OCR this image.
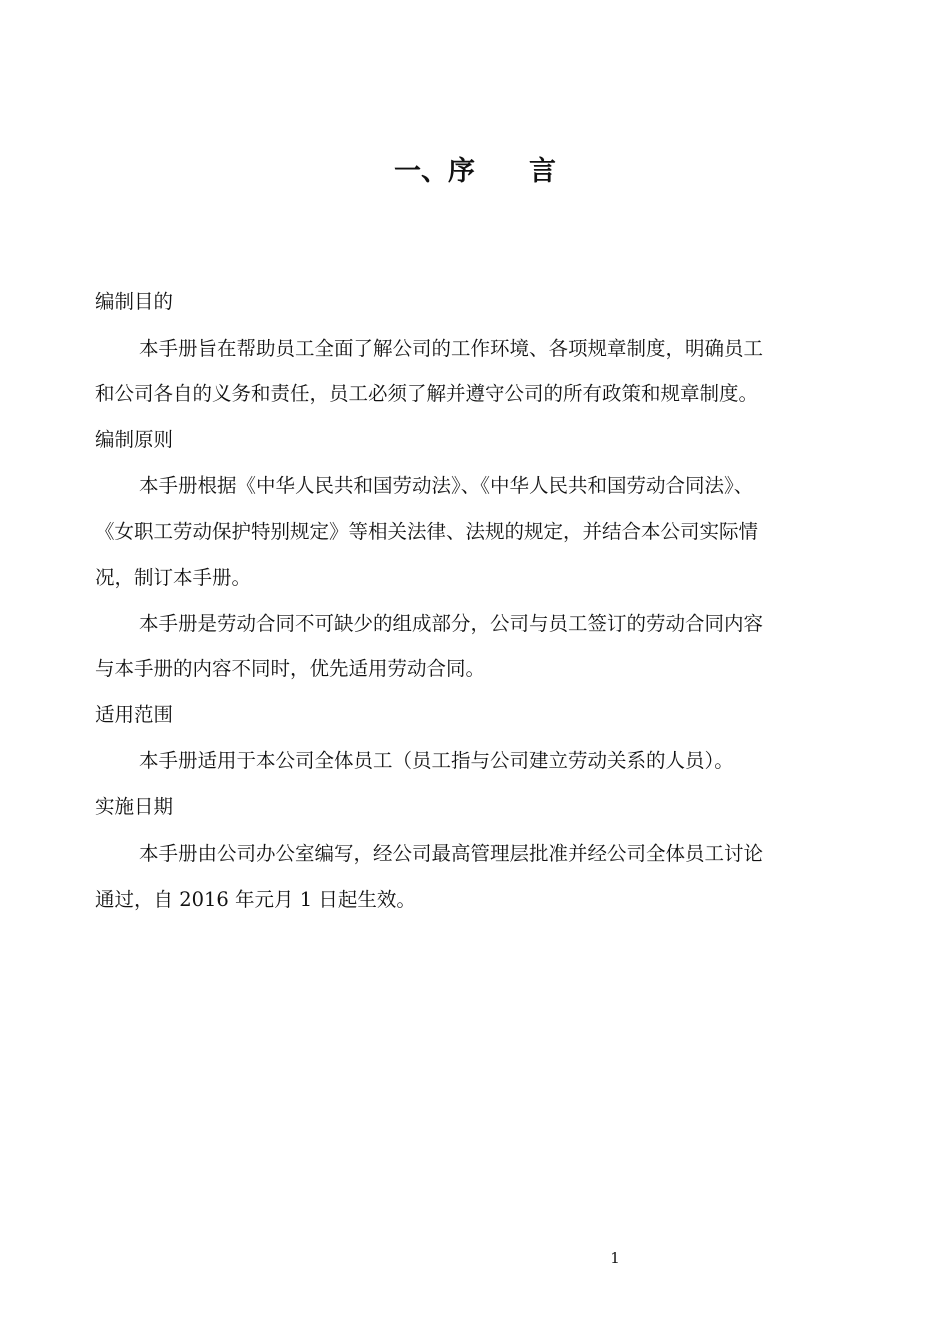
一、序　　言
编制目的
本手册旨在帮助员工全面了解公司的工作环境、各项规章制度，明确员工
和公司各自的义务和责任，员工必须了解并遵守公司的所有政策和规章制度。
编制原则
本手册根据《中华人民共和国劳动法》、《中华人民共和国劳动合同法》、
《女职工劳动保护特别规定》等相关法律、法规的规定，并结合本公司实际情
况，制订本手册。
本手册是劳动合同不可缺少的组成部分，公司与员工签订的劳动合同内容
与本手册的内容不同时，优先适用劳动合同。
适用范围
本手册适用于本公司全体员工（员工指与公司建立劳动关系的人员）。
实施日期
本手册由公司办公室编写，经公司最高管理层批准并经公司全体员工讨论
通过，自 2016 年元月 1 日起生效。
1
